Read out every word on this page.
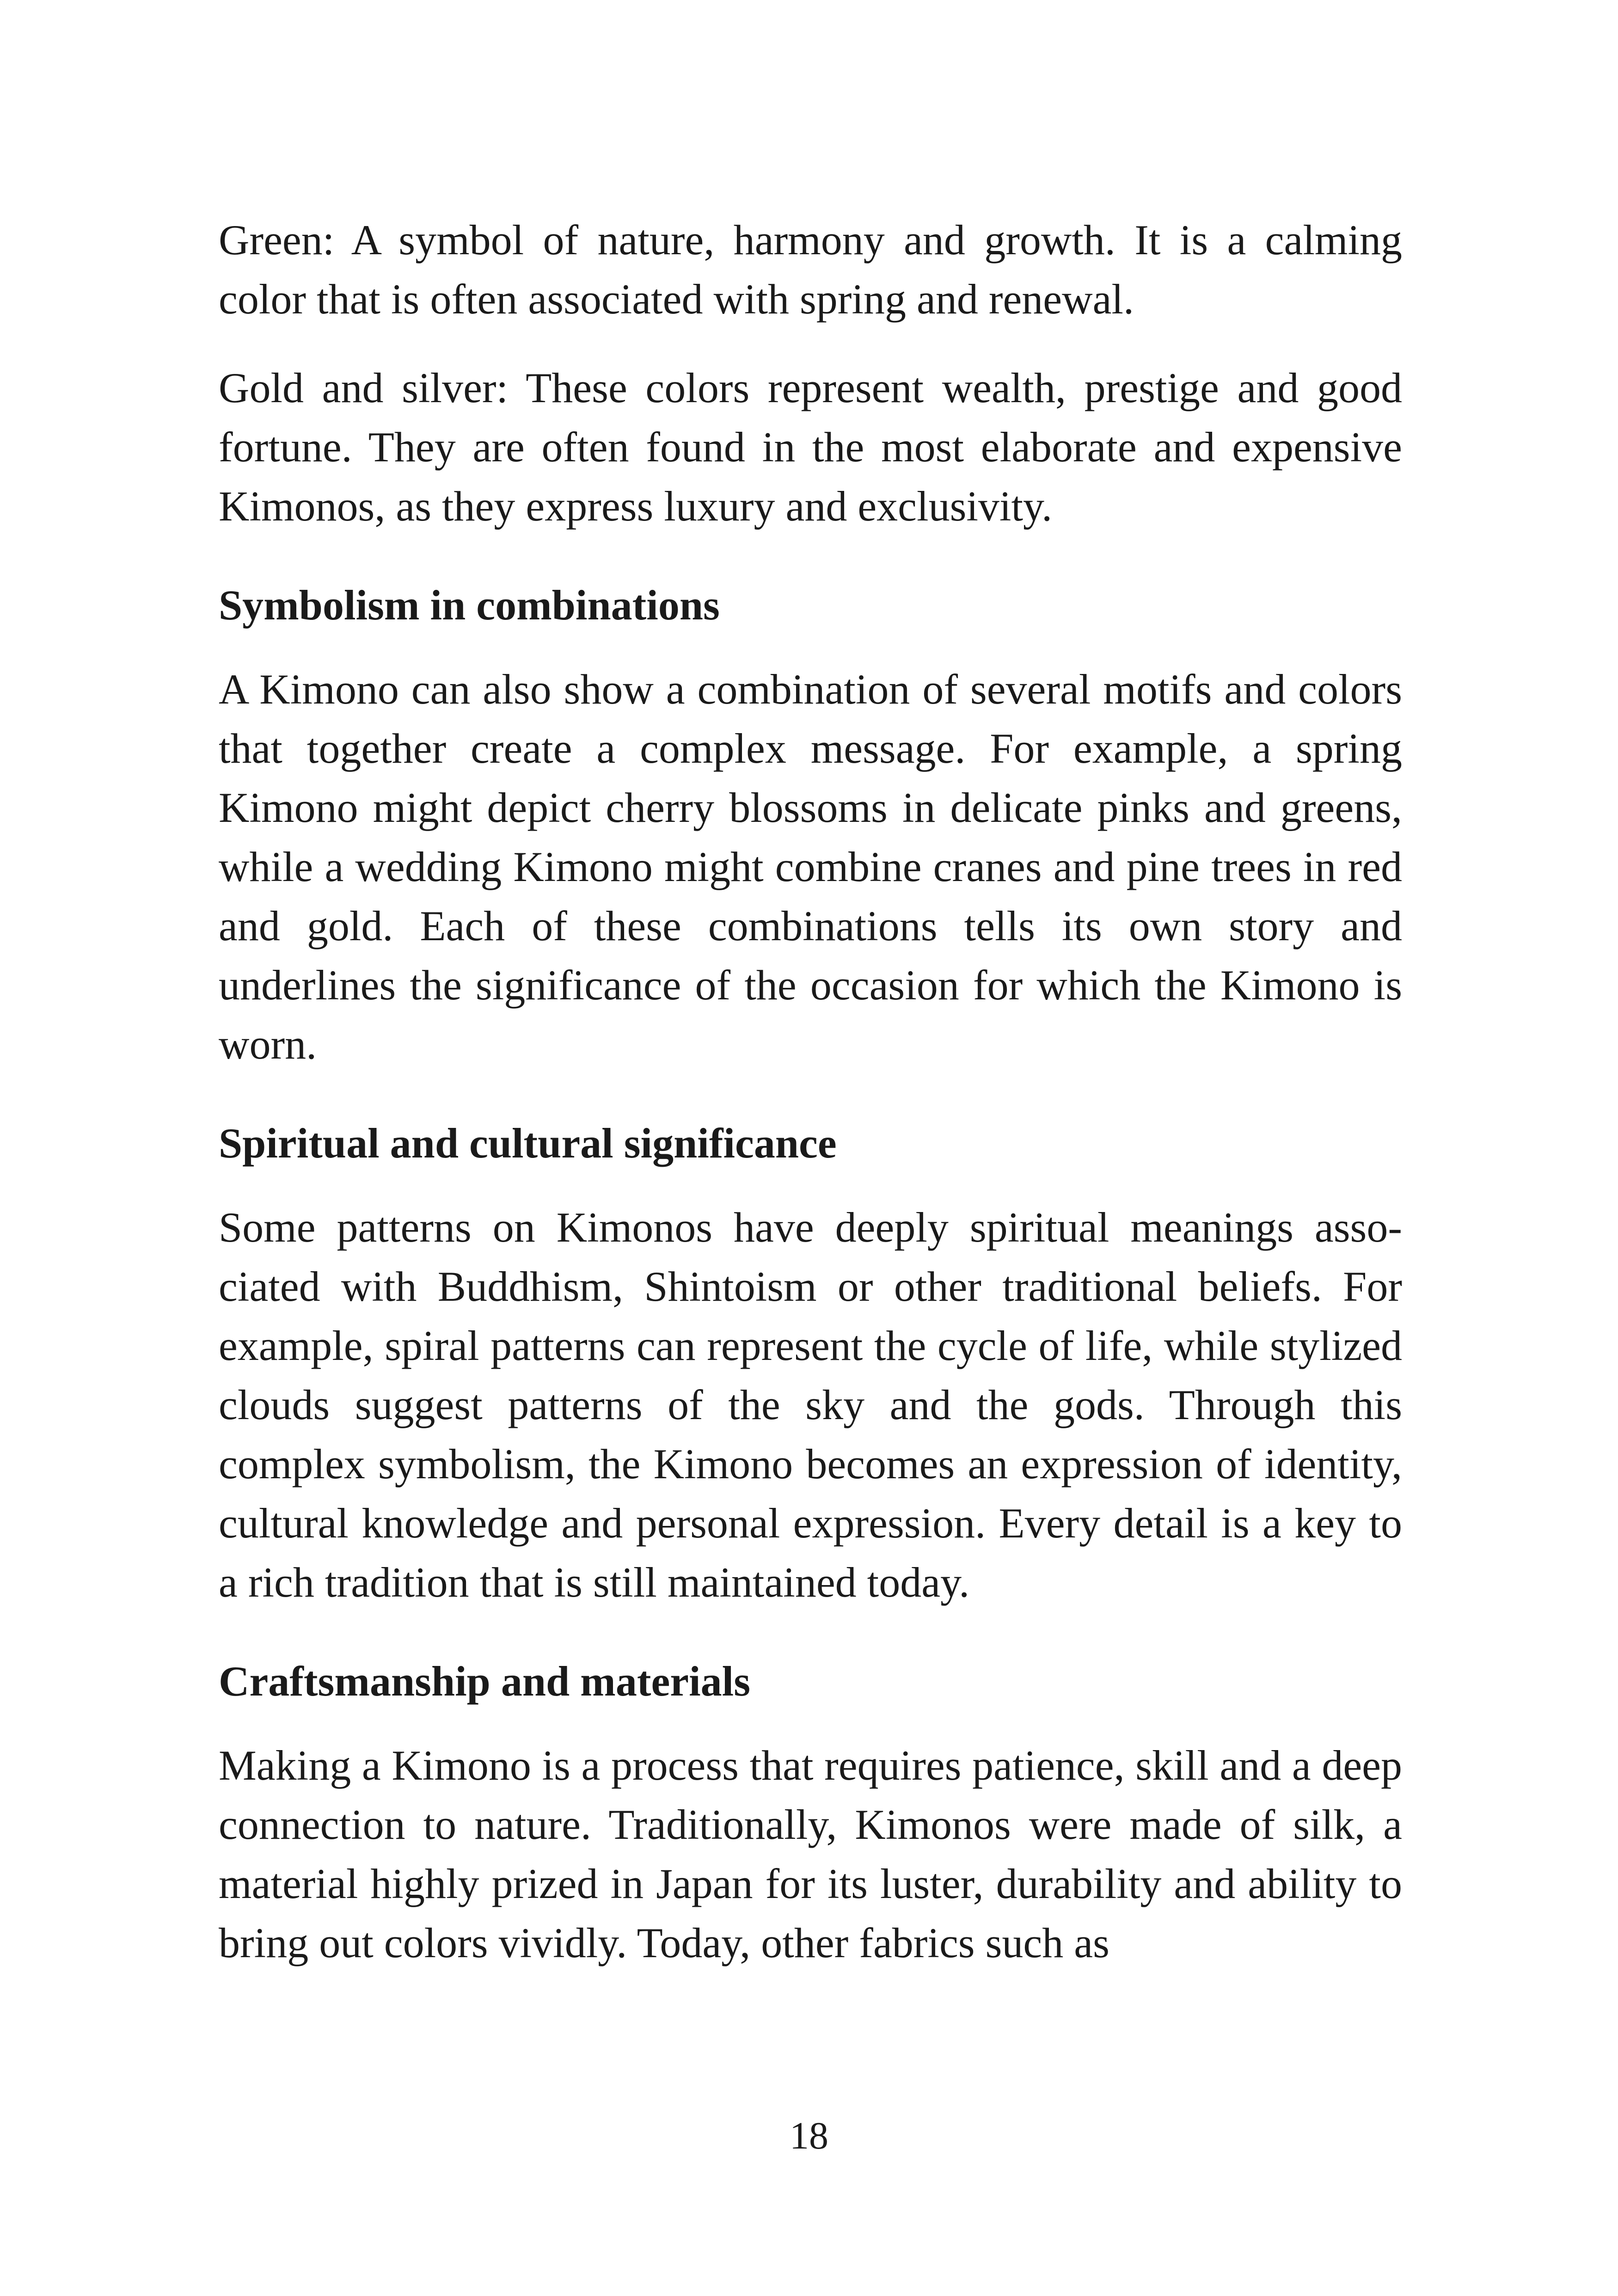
Green: A symbol of nature, harmony and growth. It is a calming color that is often associated with spring and renewal.

Gold and silver: These colors represent wealth, prestige and good fortune. They are often found in the most elaborate and expensive Kimonos, as they express luxury and exclusivity.

Symbolism in combinations

A Kimono can also show a combination of several motifs and colors that together create a complex message. For example, a spring Kimono might depict cherry blossoms in delicate pinks and greens, while a wedding Kimono might combine cranes and pine trees in red and gold. Each of these combinations tells its own story and underlines the significance of the occasion for which the Kimono is worn.

Spiritual and cultural significance

Some patterns on Kimonos have deeply spiritual meanings associated with Buddhism, Shintoism or other traditional beliefs. For example, spiral patterns can represent the cycle of life, while stylized clouds suggest patterns of the sky and the gods. Through this complex symbolism, the Kimono becomes an expression of identity, cultural knowledge and personal expression. Every detail is a key to a rich tradition that is still maintained today.

Craftsmanship and materials

Making a Kimono is a process that requires patience, skill and a deep connection to nature. Traditionally, Kimonos were made of silk, a material highly prized in Japan for its luster, durability and ability to bring out colors vividly. Today, other fabrics such as

18
